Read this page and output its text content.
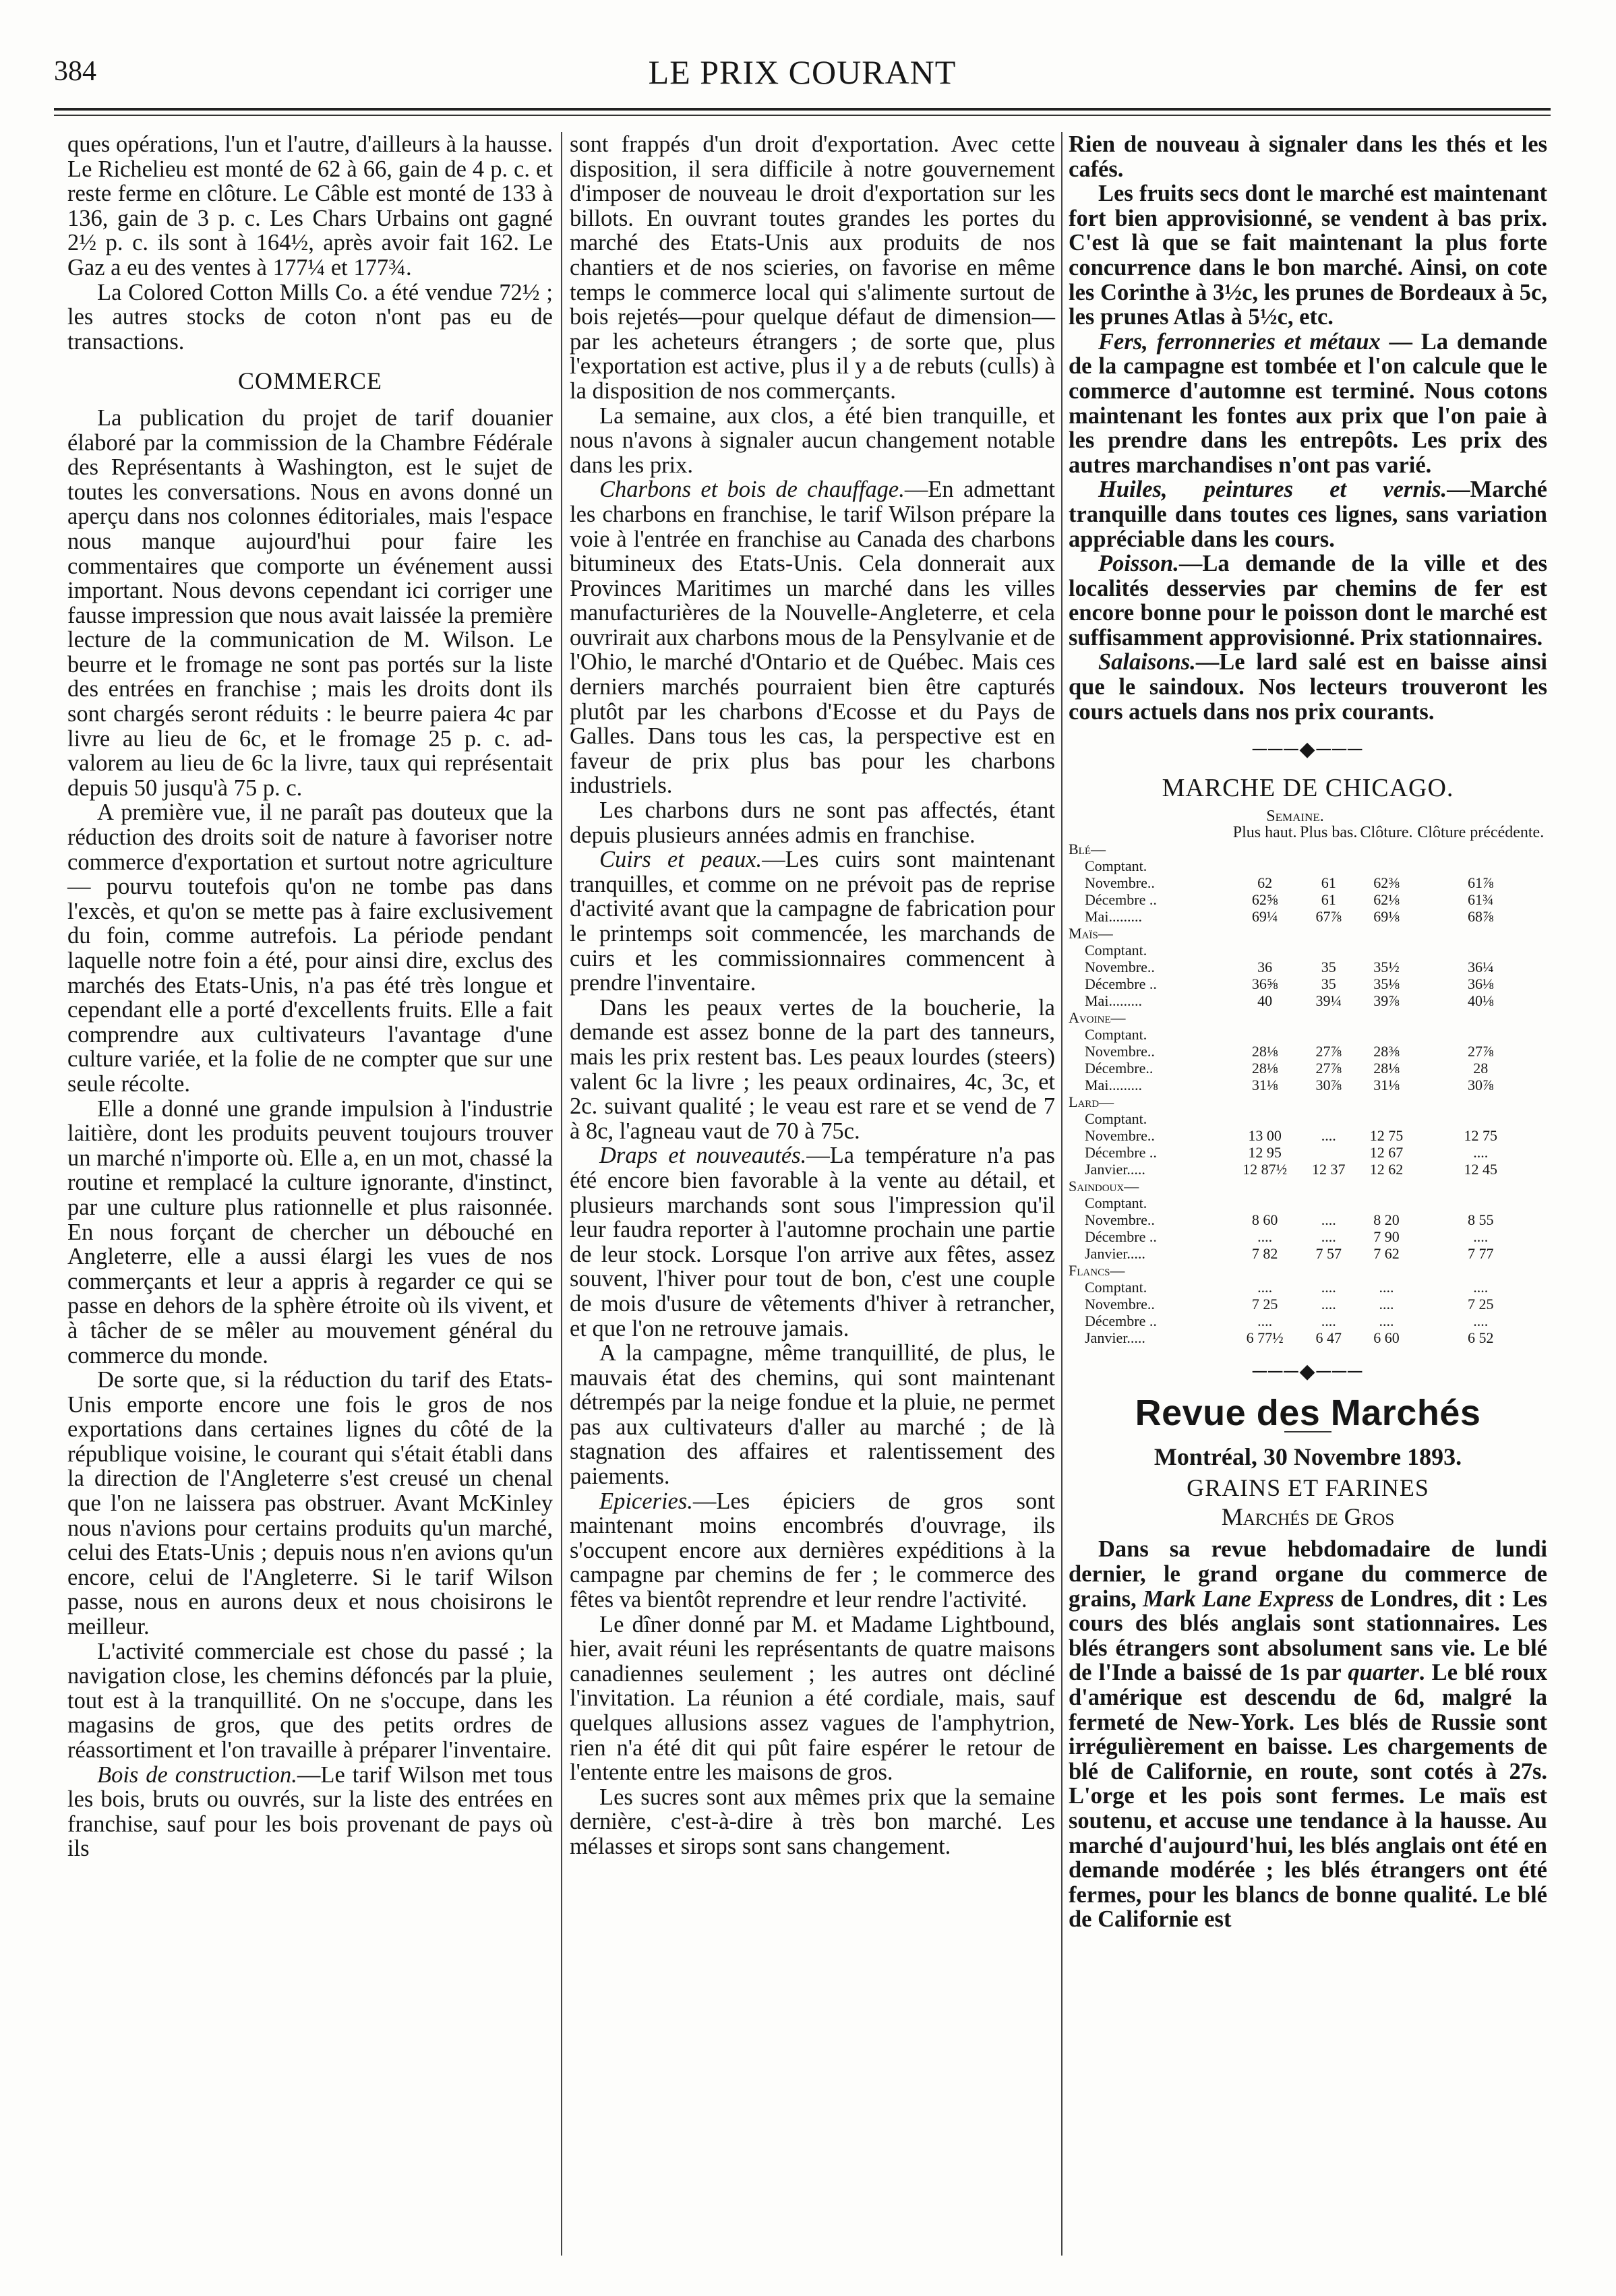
384	LE PRIX COURANT

ques opérations, l'un et l'autre, d'ailleurs à la hausse. Le Richelieu est monté de 62 à 66, gain de 4 p. c. et reste ferme en clôture. Le Câble est monté de 133 à 136, gain de 3 p. c. Les Chars Urbains ont gagné 2½ p. c. ils sont à 164½, après avoir fait 162. Le Gaz a eu des ventes à 177¼ et 177¾.

La Colored Cotton Mills Co. a été vendue 72½ ; les autres stocks de coton n'ont pas eu de transactions.

COMMERCE

La publication du projet de tarif douanier élaboré par la commission de la Chambre Fédérale des Représentants à Washington, est le sujet de toutes les conversations. Nous en avons donné un aperçu dans nos colonnes éditoriales, mais l'espace nous manque aujourd'hui pour faire les commentaires que comporte un événement aussi important. Nous devons cependant ici corriger une fausse impression que nous avait laissée la première lecture de la communication de M. Wilson. Le beurre et le fromage ne sont pas portés sur la liste des entrées en franchise ; mais les droits dont ils sont chargés seront réduits : le beurre paiera 4c par livre au lieu de 6c, et le fromage 25 p. c. ad-valorem au lieu de 6c la livre, taux qui représentait depuis 50 jusqu'à 75 p. c.

A première vue, il ne paraît pas douteux que la réduction des droits soit de nature à favoriser notre commerce d'exportation et surtout notre agriculture— pourvu toutefois qu'on ne tombe pas dans l'excès, et qu'on se mette pas à faire exclusivement du foin, comme autrefois. La période pendant laquelle notre foin a été, pour ainsi dire, exclus des marchés des Etats-Unis, n'a pas été très longue et cependant elle a porté d'excellents fruits. Elle a fait comprendre aux cultivateurs l'avantage d'une culture variée, et la folie de ne compter que sur une seule récolte.

Elle a donné une grande impulsion à l'industrie laitière, dont les produits peuvent toujours trouver un marché n'importe où. Elle a, en un mot, chassé la routine et remplacé la culture ignorante, d'instinct, par une culture plus rationnelle et plus raisonnée. En nous forçant de chercher un débouché en Angleterre, elle a aussi élargi les vues de nos commerçants et leur a appris à regarder ce qui se passe en dehors de la sphère étroite où ils vivent, et à tâcher de se mêler au mouvement général du commerce du monde.

De sorte que, si la réduction du tarif des Etats-Unis emporte encore une fois le gros de nos exportations dans certaines lignes du côté de la république voisine, le courant qui s'était établi dans la direction de l'Angleterre s'est creusé un chenal que l'on ne laissera pas obstruer. Avant McKinley nous n'avions pour certains produits qu'un marché, celui des Etats-Unis ; depuis nous n'en avions qu'un encore, celui de l'Angleterre. Si le tarif Wilson passe, nous en aurons deux et nous choisirons le meilleur.

L'activité commerciale est chose du passé ; la navigation close, les chemins défoncés par la pluie, tout est à la tranquillité. On ne s'occupe, dans les magasins de gros, que des petits ordres de réassortiment et l'on travaille à préparer l'inventaire.

Bois de construction.—Le tarif Wilson met tous les bois, bruts ou ouvrés, sur la liste des entrées en franchise, sauf pour les bois provenant de pays où ils

sont frappés d'un droit d'exportation. Avec cette disposition, il sera difficile à notre gouvernement d'imposer de nouveau le droit d'exportation sur les billots. En ouvrant toutes grandes les portes du marché des Etats-Unis aux produits de nos chantiers et de nos scieries, on favorise en même temps le commerce local qui s'alimente surtout de bois rejetés—pour quelque défaut de dimension—par les acheteurs étrangers ; de sorte que, plus l'exportation est active, plus il y a de rebuts (culls) à la disposition de nos commerçants.

La semaine, aux clos, a été bien tranquille, et nous n'avons à signaler aucun changement notable dans les prix.

Charbons et bois de chauffage.—En admettant les charbons en franchise, le tarif Wilson prépare la voie à l'entrée en franchise au Canada des charbons bitumineux des Etats-Unis. Cela donnerait aux Provinces Maritimes un marché dans les villes manufacturières de la Nouvelle-Angleterre, et cela ouvrirait aux charbons mous de la Pensylvanie et de l'Ohio, le marché d'Ontario et de Québec. Mais ces derniers marchés pourraient bien être capturés plutôt par les charbons d'Ecosse et du Pays de Galles. Dans tous les cas, la perspective est en faveur de prix plus bas pour les charbons industriels.

Les charbons durs ne sont pas affectés, étant depuis plusieurs années admis en franchise.

Cuirs et peaux.—Les cuirs sont maintenant tranquilles, et comme on ne prévoit pas de reprise d'activité avant que la campagne de fabrication pour le printemps soit commencée, les marchands de cuirs et les commissionnaires commencent à prendre l'inventaire.

Dans les peaux vertes de la boucherie, la demande est assez bonne de la part des tanneurs, mais les prix restent bas. Les peaux lourdes (steers) valent 6c la livre ; les peaux ordinaires, 4c, 3c, et 2c. suivant qualité ; le veau est rare et se vend de 7 à 8c, l'agneau vaut de 70 à 75c.

Draps et nouveautés.—La température n'a pas été encore bien favorable à la vente au détail, et plusieurs marchands sont sous l'impression qu'il leur faudra reporter à l'automne prochain une partie de leur stock. Lorsque l'on arrive aux fêtes, assez souvent, l'hiver pour tout de bon, c'est une couple de mois d'usure de vêtements d'hiver à retrancher, et que l'on ne retrouve jamais.

A la campagne, même tranquillité, de plus, le mauvais état des chemins, qui sont maintenant détrempés par la neige fondue et la pluie, ne permet pas aux cultivateurs d'aller au marché ; de là stagnation des affaires et ralentissement des paiements.

Epiceries.—Les épiciers de gros sont maintenant moins encombrés d'ouvrage, ils s'occupent encore aux dernières expéditions à la campagne par chemins de fer ; le commerce des fêtes va bientôt reprendre et leur rendre l'activité.

Le dîner donné par M. et Madame Lightbound, hier, avait réuni les représentants de quatre maisons canadiennes seulement ; les autres ont décliné l'invitation. La réunion a été cordiale, mais, sauf quelques allusions assez vagues de l'amphytrion, rien n'a été dit qui pût faire espérer le retour de l'entente entre les maisons de gros.

Les sucres sont aux mêmes prix que la semaine dernière, c'est-à-dire à très bon marché. Les mélasses et sirops sont sans changement.

Rien de nouveau à signaler dans les thés et les cafés.

Les fruits secs dont le marché est maintenant fort bien approvisionné, se vendent à bas prix. C'est là que se fait maintenant la plus forte concurrence dans le bon marché. Ainsi, on cote les Corinthe à 3½c, les prunes de Bordeaux à 5c, les prunes Atlas à 5½c, etc.

Fers, ferronneries et métaux — La demande de la campagne est tombée et l'on calcule que le commerce d'automne est terminé. Nous cotons maintenant les fontes aux prix que l'on paie à les prendre dans les entrepôts. Les prix des autres marchandises n'ont pas varié.

Huiles, peintures et vernis.—Marché tranquille dans toutes ces lignes, sans variation appréciable dans les cours.

Poisson.—La demande de la ville et des localités desservies par chemins de fer est encore bonne pour le poisson dont le marché est suffisamment approvisionné. Prix stationnaires.

Salaisons.—Le lard salé est en baisse ainsi que le saindoux. Nos lecteurs trouveront les cours actuels dans nos prix courants.

───◆───
MARCHE DE CHICAGO.
	Semaine.			
	Plus haut.	Plus bas.	Clôture.	Clôture précédente.
Blé—				
Comptant.				
Novembre..	62	61	62⅜	61⅞
Décembre ..	62⅝	61	62⅛	61¾
Mai.........	69¼	67⅞	69⅛	68⅞
Maïs—				
Comptant.				
Novembre..	36	35	35½	36¼
Décembre ..	36⅝	35	35⅛	36⅛
Mai.........	40	39¼	39⅞	40⅛
Avoine—				
Comptant.				
Novembre..	28⅛	27⅞	28⅜	27⅞
Décembre..	28⅛	27⅞	28⅛	28
Mai.........	31⅛	30⅞	31⅛	30⅞
Lard—				
Comptant.				
Novembre..	13 00	....	12 75	12 75
Décembre ..	12 95		12 67	....
Janvier.....	12 87½	12 37	12 62	12 45
Saindoux—				
Comptant.				
Novembre..	8 60	....	8 20	8 55
Décembre ..	....	....	7 90	....
Janvier.....	7 82	7 57	7 62	7 77
Flancs—				
Comptant.	....	....	....	....
Novembre..	7 25	....	....	7 25
Décembre ..	....	....	....	....
Janvier.....	6 77½	6 47	6 60	6 52
───◆───
Revue des Marchés
Montréal, 30 Novembre 1893.
GRAINS ET FARINES
Marchés de Gros

Dans sa revue hebdomadaire de lundi dernier, le grand organe du commerce de grains, Mark Lane Express de Londres, dit : Les cours des blés anglais sont stationnaires. Les blés étrangers sont absolument sans vie. Le blé de l'Inde a baissé de 1s par quarter. Le blé roux d'amérique est descendu de 6d, malgré la fermeté de New-York. Les blés de Russie sont irrégulièrement en baisse. Les chargements de blé de Californie, en route, sont cotés à 27s. L'orge et les pois sont fermes. Le maïs est soutenu, et accuse une tendance à la hausse. Au marché d'aujourd'hui, les blés anglais ont été en demande modérée ; les blés étrangers ont été fermes, pour les blancs de bonne qualité. Le blé de Californie est
